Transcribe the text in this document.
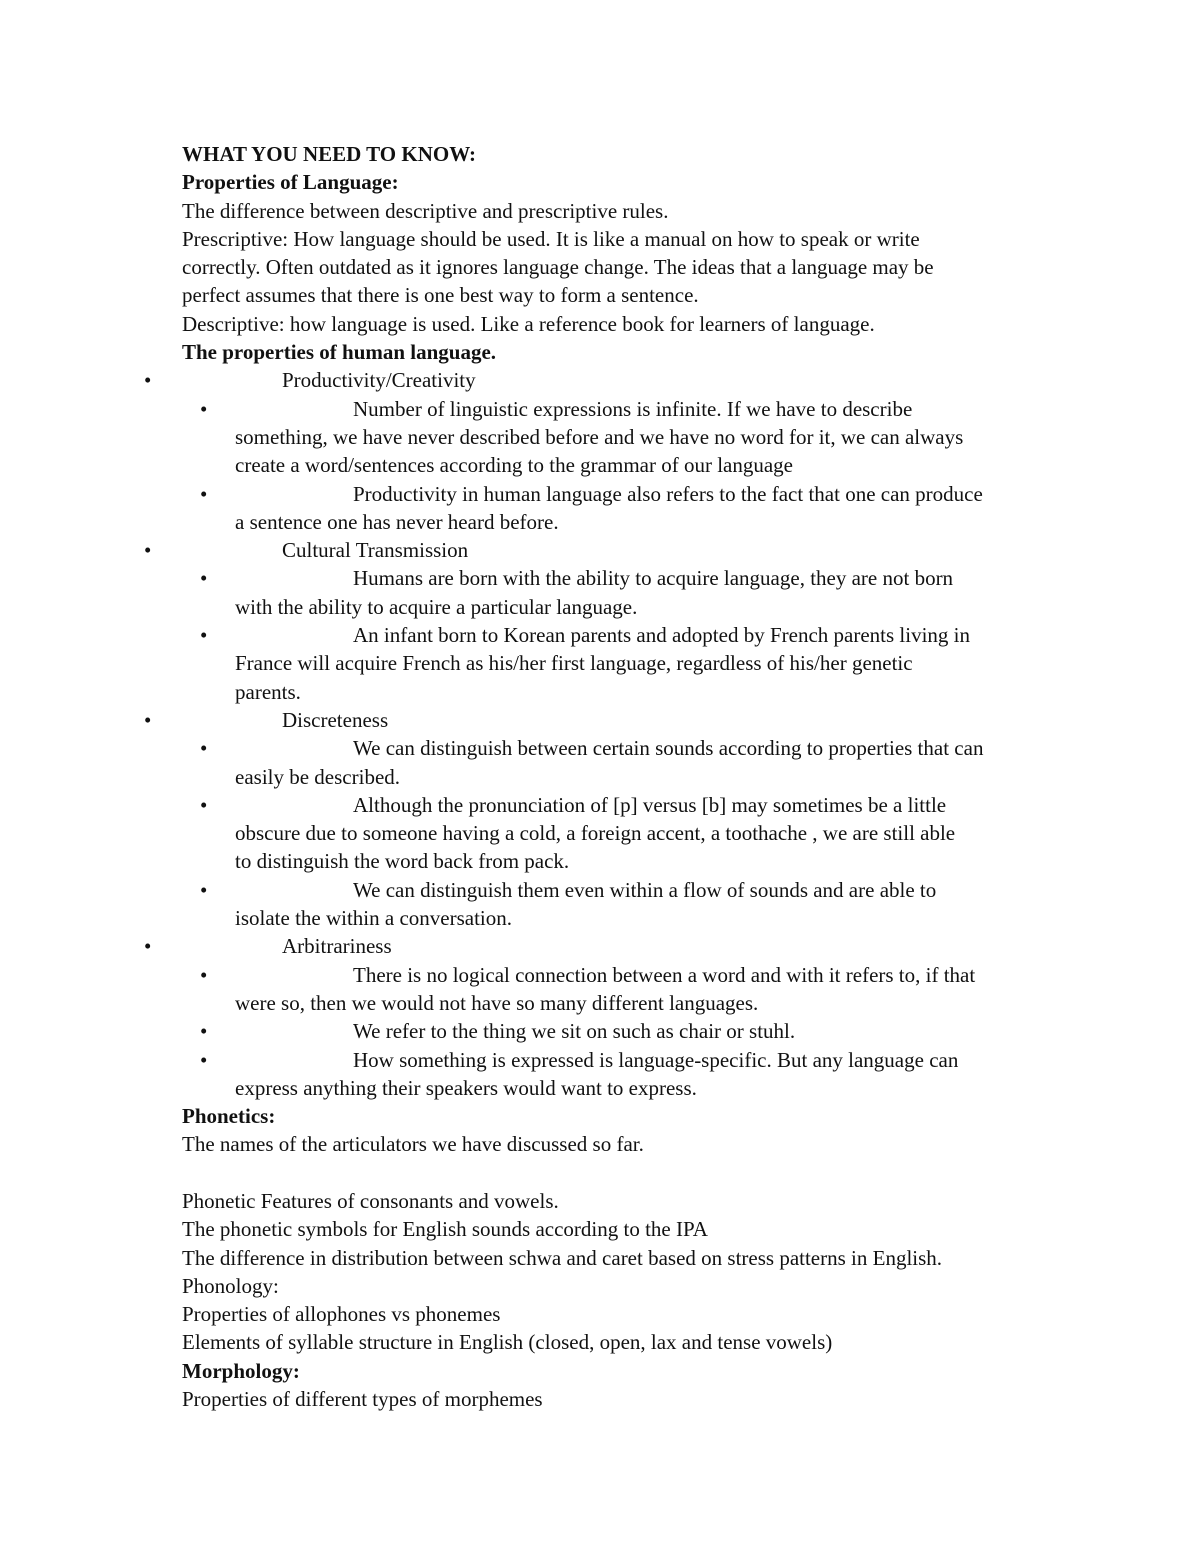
WHAT YOU NEED TO KNOW:

Properties of Language:

The difference between descriptive and prescriptive rules.

Prescriptive: How language should be used. It is like a manual on how to speak or write

correctly. Often outdated as it ignores language change. The ideas that a language may be

perfect assumes that there is one best way to form a sentence.

Descriptive: how language is used. Like a reference book for learners of language.

The properties of human language.

•	Productivity/Creativity
•	Number of linguistic expressions is infinite. If we have to describe
something, we have never described before and we have no word for it, we can always
create a word/sentences according to the grammar of our language
•	Productivity in human language also refers to the fact that one can produce
a sentence one has never heard before.
•	Cultural Transmission
•	Humans are born with the ability to acquire language, they are not born
with the ability to acquire a particular language.
•	An infant born to Korean parents and adopted by French parents living in
France will acquire French as his/her first language, regardless of his/her genetic
parents.
•	Discreteness
•	We can distinguish between certain sounds according to properties that can
easily be described.
•	Although the pronunciation of [p] versus [b] may sometimes be a little
obscure due to someone having a cold, a foreign accent, a toothache , we are still able
to distinguish the word back from pack.
•	We can distinguish them even within a flow of sounds and are able to
isolate the within a conversation.
•	Arbitrariness
•	There is no logical connection between a word and with it refers to, if that
were so, then we would not have so many different languages.
•	We refer to the thing we sit on such as chair or stuhl.
•	How something is expressed is language-specific. But any language can
express anything their speakers would want to express.

Phonetics:

The names of the articulators we have discussed so far.

Phonetic Features of consonants and vowels.

The phonetic symbols for English sounds according to the IPA

The difference in distribution between schwa and caret based on stress patterns in English.

Phonology:

Properties of allophones vs phonemes

Elements of syllable structure in English (closed, open, lax and tense vowels)

Morphology:

Properties of different types of morphemes
